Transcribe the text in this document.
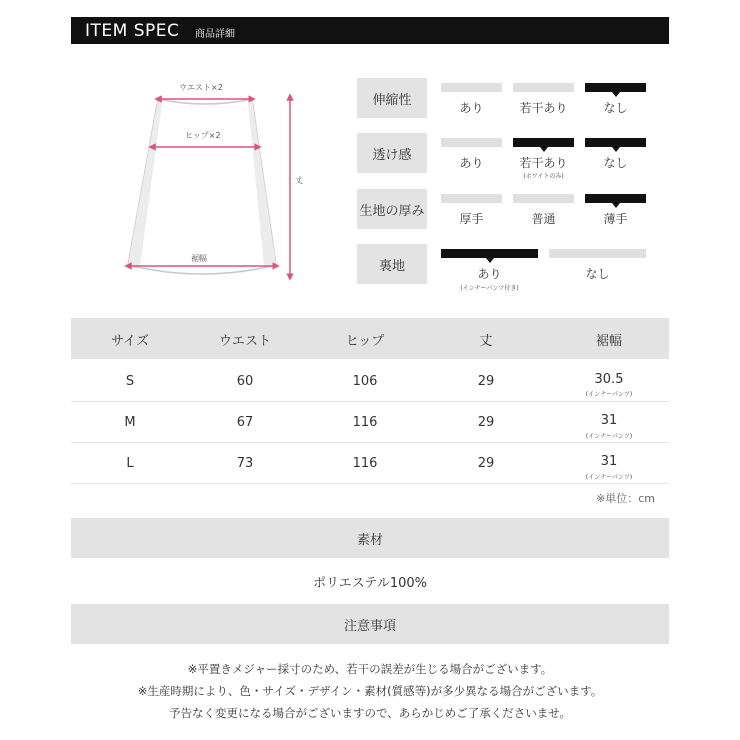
ITEM SPEC 商品詳細
ウエスト×2
ヒップ×2
裾幅
丈
伸縮性
あり	若干あり	なし
透け感
あり	若干あり	なし
(ホワイトのみ)
生地の厚み
厚手	普通	薄手
裏地
あり	なし
(インナーパンツ付き)
サイズ	ウエスト	ヒップ	丈	裾幅
S	60	106	29	30.5
(インナーパンツ)
M	67	116	29	31
(インナーパンツ)
L	73	116	29	31
(インナーパンツ)
※単位：cm
素材
ポリエステル100%
注意事項
※平置きメジャー採寸のため、若干の誤差が生じる場合がございます。
※生産時期により、色・サイズ・デザイン・素材(質感等)が多少異なる場合がございます。
予告なく変更になる場合がございますので、あらかじめご了承くださいませ。
